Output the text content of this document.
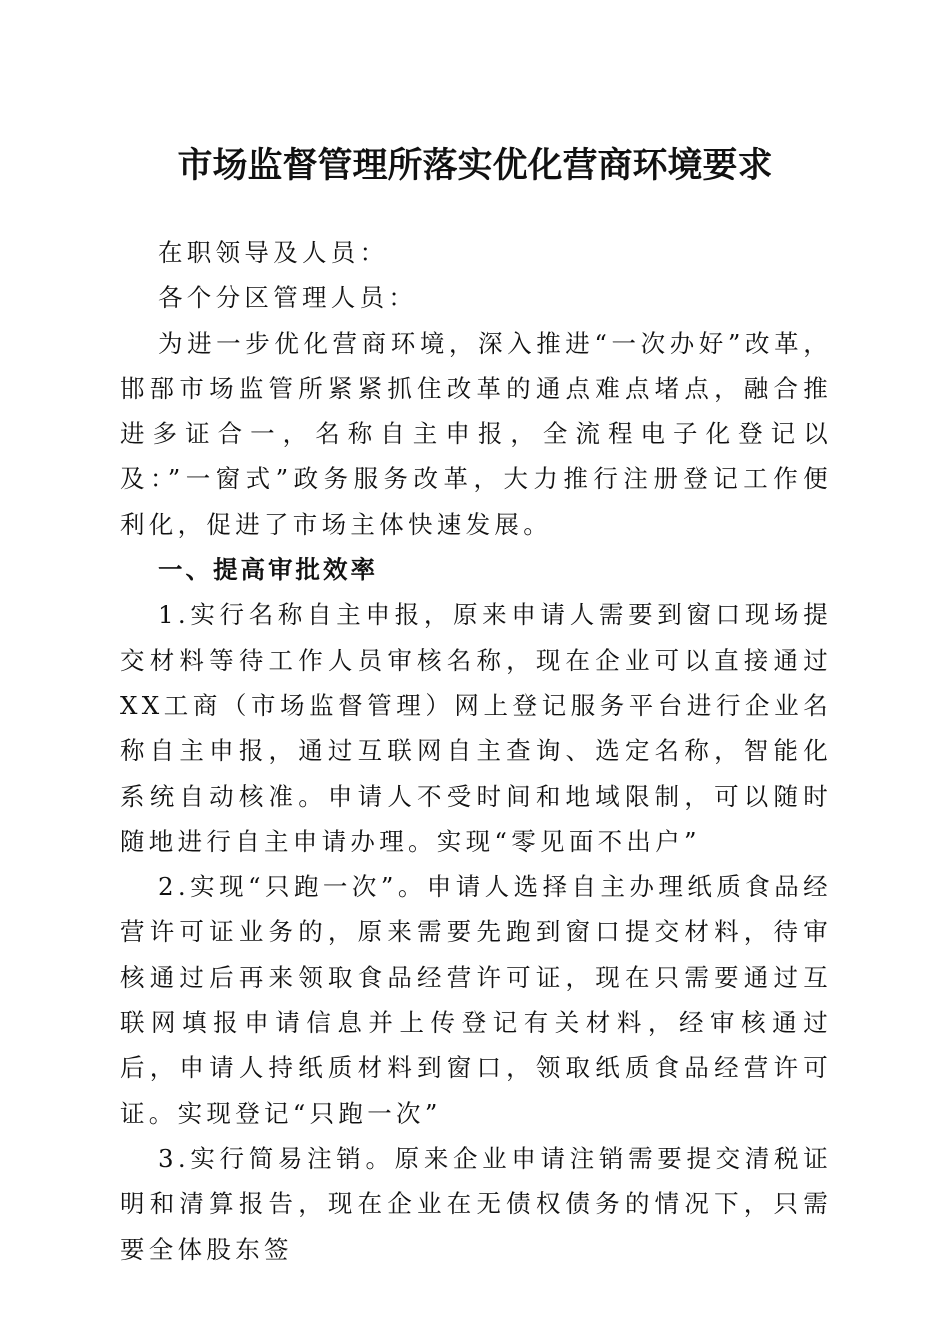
市场监督管理所落实优化营商环境要求

在职领导及人员：

各个分区管理人员：

为进一步优化营商环境，深入推进“一次办好”改革，邯郚市场监管所紧紧抓住改革的通点难点堵点，融合推进多证合一，名称自主申报，全流程电子化登记以及：”一窗式”政务服务改革，大力推行注册登记工作便利化，促进了市场主体快速发展。

一、提高审批效率

1.实行名称自主申报，原来申请人需要到窗口现场提交材料等待工作人员审核名称，现在企业可以直接通过XX工商（市场监督管理）网上登记服务平台进行企业名称自主申报，通过互联网自主查询、选定名称，智能化系统自动核准。申请人不受时间和地域限制，可以随时随地进行自主申请办理。实现“零见面不出户”

2.实现“只跑一次”。申请人选择自主办理纸质食品经营许可证业务的，原来需要先跑到窗口提交材料，待审核通过后再来领取食品经营许可证，现在只需要通过互联网填报申请信息并上传登记有关材料，经审核通过后，申请人持纸质材料到窗口，领取纸质食品经营许可证。实现登记“只跑一次”

3.实行简易注销。原来企业申请注销需要提交清税证明和清算报告，现在企业在无债权债务的情况下，只需要全体股东签
